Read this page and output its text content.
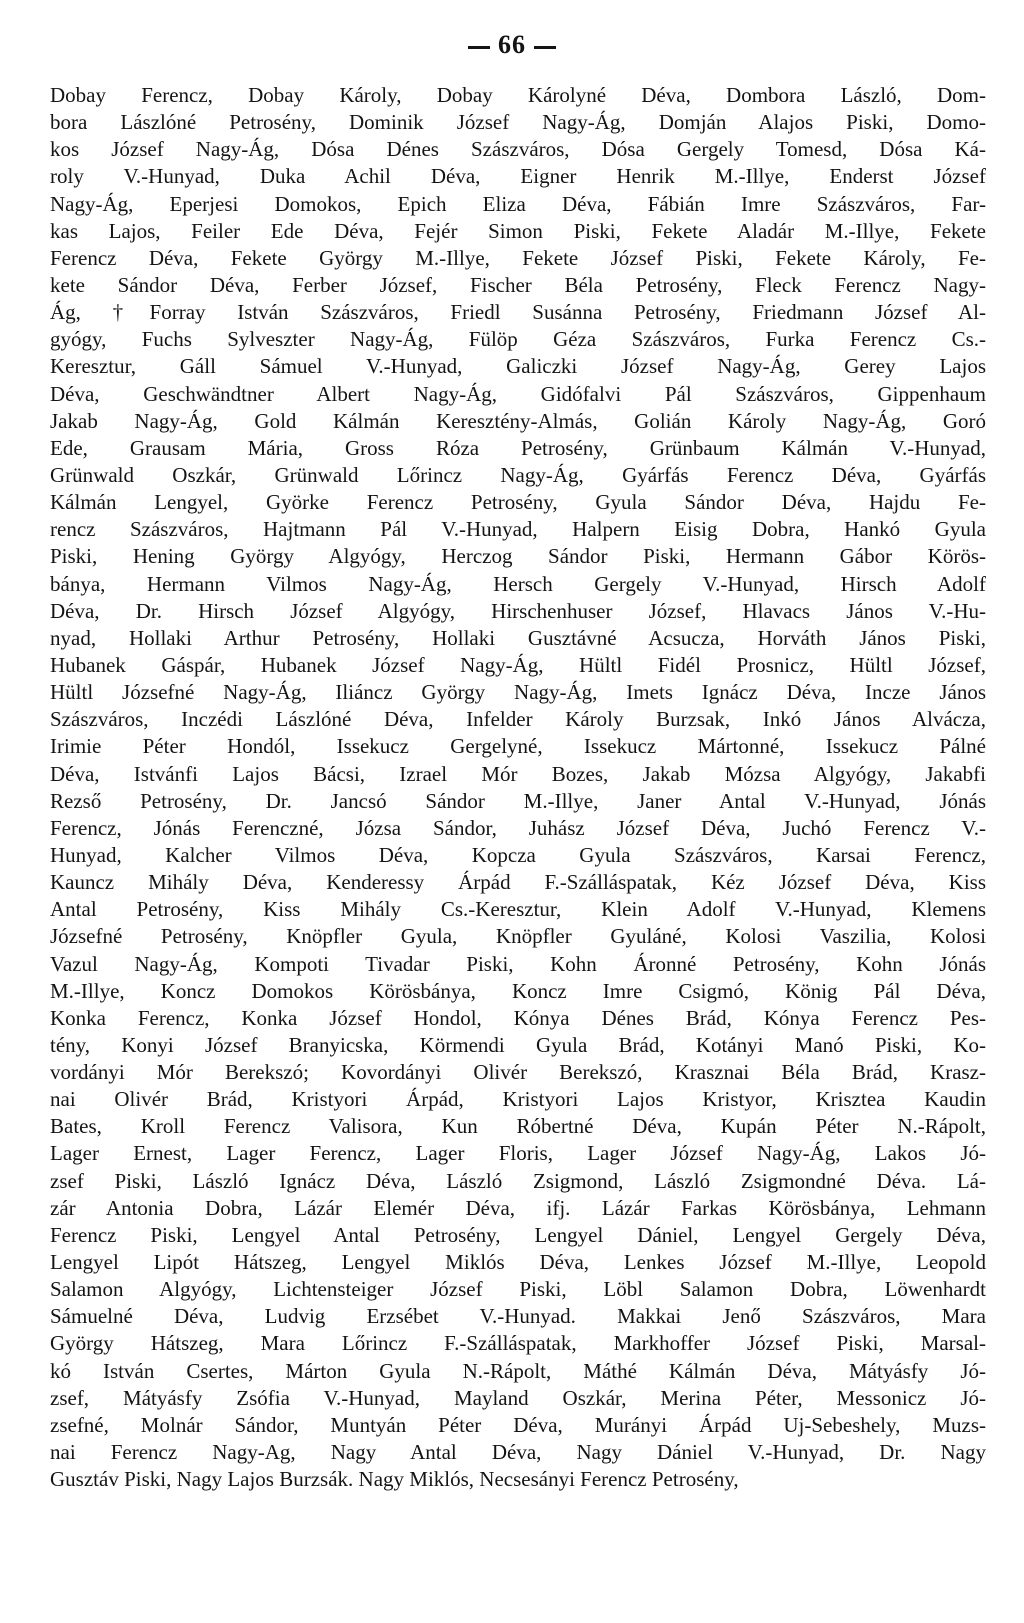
66
Dobay Ferencz, Dobay Károly, Dobay Károlyné Déva, Dombora László, Dom-
bora Lászlóné Petrosény, Dominik József Nagy-Ág, Domján Alajos Piski, Domo-
kos József Nagy-Ág, Dósa Dénes Szászváros, Dósa Gergely Tomesd, Dósa Ká-
roly V.-Hunyad, Duka Achil Déva, Eigner Henrik M.-Illye, Enderst József
Nagy-Ág, Eperjesi Domokos, Epich Eliza Déva, Fábián Imre Szászváros, Far-
kas Lajos, Feiler Ede Déva, Fejér Simon Piski, Fekete Aladár M.-Illye, Fekete
Ferencz Déva, Fekete György M.-Illye, Fekete József Piski, Fekete Károly, Fe-
kete Sándor Déva, Ferber József, Fischer Béla Petrosény, Fleck Ferencz Nagy-
Ág, †Forray István Szászváros, Friedl Susánna Petrosény, Friedmann József Al-
gyógy, Fuchs Sylveszter Nagy-Ág, Fülöp Géza Szászváros, Furka Ferencz Cs.-
Keresztur, Gáll Sámuel V.-Hunyad, Galiczki József Nagy-Ág, Gerey Lajos
Déva, Geschwändtner Albert Nagy-Ág, Gidófalvi Pál Szászváros, Gippenhaum
Jakab Nagy-Ág, Gold Kálmán Keresztény-Almás, Golián Károly Nagy-Ág, Goró
Ede, Grausam Mária, Gross Róza Petrosény, Grünbaum Kálmán V.-Hunyad,
Grünwald Oszkár, Grünwald Lőrincz Nagy-Ág, Gyárfás Ferencz Déva, Gyárfás
Kálmán Lengyel, Györke Ferencz Petrosény, Gyula Sándor Déva, Hajdu Fe-
rencz Szászváros, Hajtmann Pál V.-Hunyad, Halpern Eisig Dobra, Hankó Gyula
Piski, Hening György Algyógy, Herczog Sándor Piski, Hermann Gábor Körös-
bánya, Hermann Vilmos Nagy-Ág, Hersch Gergely V.-Hunyad, Hirsch Adolf
Déva, Dr. Hirsch József Algyógy, Hirschenhuser József, Hlavacs János V.-Hu-
nyad, Hollaki Arthur Petrosény, Hollaki Gusztávné Acsucza, Horváth János Piski,
Hubanek Gáspár, Hubanek József Nagy-Ág, Hültl Fidél Prosnicz, Hültl József,
Hültl Józsefné Nagy-Ág, Iliáncz György Nagy-Ág, Imets Ignácz Déva, Incze János
Szászváros, Inczédi Lászlóné Déva, Infelder Károly Burzsak, Inkó János Alvácza,
Irimie Péter Hondól, Issekucz Gergelyné, Issekucz Mártonné, Issekucz Pálné
Déva, Istvánfi Lajos Bácsi, Izrael Mór Bozes, Jakab Mózsa Algyógy, Jakabfi
Rezső Petrosény, Dr. Jancsó Sándor M.-Illye, Janer Antal V.-Hunyad, Jónás
Ferencz, Jónás Ferenczné, Józsa Sándor, Juhász József Déva, Juchó Ferencz V.-
Hunyad, Kalcher Vilmos Déva, Kopcza Gyula Szászváros, Karsai Ferencz,
Kauncz Mihály Déva, Kenderessy Árpád F.-Szálláspatak, Kéz József Déva, Kiss
Antal Petrosény, Kiss Mihály Cs.-Keresztur, Klein Adolf V.-Hunyad, Klemens
Józsefné Petrosény, Knöpfler Gyula, Knöpfler Gyuláné, Kolosi Vaszilia, Kolosi
Vazul Nagy-Ág, Kompoti Tivadar Piski, Kohn Áronné Petrosény, Kohn Jónás
M.-Illye, Koncz Domokos Körösbánya, Koncz Imre Csigmó, König Pál Déva,
Konka Ferencz, Konka József Hondol, Kónya Dénes Brád, Kónya Ferencz Pes-
tény, Konyi József Branyicska, Körmendi Gyula Brád, Kotányi Manó Piski, Ko-
vordányi Mór Berekszó; Kovordányi Olivér Berekszó, Krasznai Béla Brád, Krasz-
nai Olivér Brád, Kristyori Árpád, Kristyori Lajos Kristyor, Krisztea Kaudin
Bates, Kroll Ferencz Valisora, Kun Róbertné Déva, Kupán Péter N.-Rápolt,
Lager Ernest, Lager Ferencz, Lager Floris, Lager József Nagy-Ág, Lakos Jó-
zsef Piski, László Ignácz Déva, László Zsigmond, László Zsigmondné Déva. Lá-
zár Antonia Dobra, Lázár Elemér Déva, ifj. Lázár Farkas Körösbánya, Lehmann
Ferencz Piski, Lengyel Antal Petrosény, Lengyel Dániel, Lengyel Gergely Déva,
Lengyel Lipót Hátszeg, Lengyel Miklós Déva, Lenkes József M.-Illye, Leopold
Salamon Algyógy, Lichtensteiger József Piski, Löbl Salamon Dobra, Löwenhardt
Sámuelné Déva, Ludvig Erzsébet V.-Hunyad. Makkai Jenő Szászváros, Mara
György Hátszeg, Mara Lőrincz F.-Szálláspatak, Markhoffer József Piski, Marsal-
kó István Csertes, Márton Gyula N.-Rápolt, Máthé Kálmán Déva, Mátyásfy Jó-
zsef, Mátyásfy Zsófia V.-Hunyad, Mayland Oszkár, Merina Péter, Messonicz Jó-
zsefné, Molnár Sándor, Muntyán Péter Déva, Murányi Árpád Uj-Sebeshely, Muzs-
nai Ferencz Nagy-Ag, Nagy Antal Déva, Nagy Dániel V.-Hunyad, Dr. Nagy
Gusztáv Piski, Nagy Lajos Burzsák. Nagy Miklós, Necsesányi Ferencz Petrosény,
